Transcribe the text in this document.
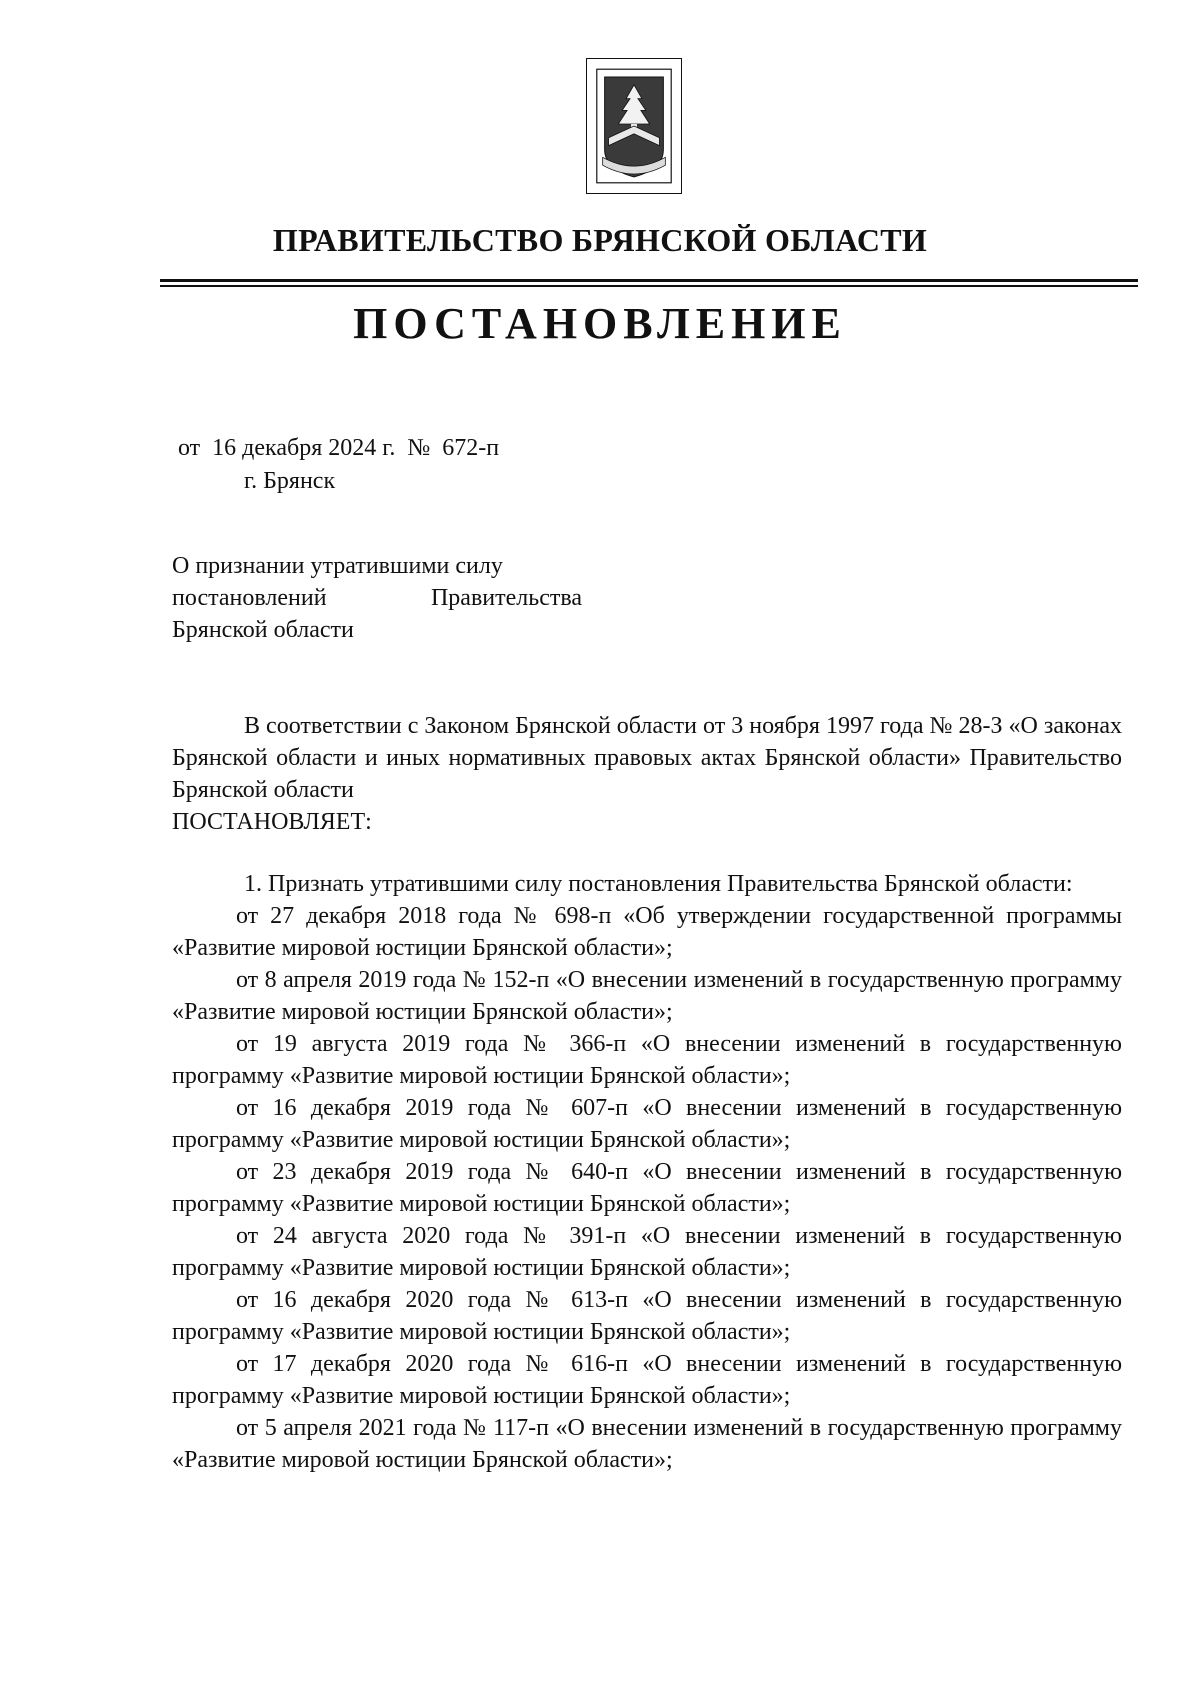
ПРАВИТЕЛЬСТВО БРЯНСКОЙ ОБЛАСТИ
ПОСТАНОВЛЕНИЕ
от  16 декабря 2024 г.  №  672-п
г. Брянск
О признании утратившими силу
постановлений	Правительства
Брянской области

В соответствии с Законом Брянской области от 3 ноября 1997 года № 28-З «О законах Брянской области и иных нормативных правовых актах Брянской области» Правительство Брянской области

ПОСТАНОВЛЯЕТ:

1. Признать утратившими силу постановления Правительства Брянской области:

от 27 декабря 2018 года № 698-п «Об утверждении государственной программы «Развитие мировой юстиции Брянской области»;

от 8 апреля 2019 года № 152-п «О внесении изменений в государственную программу «Развитие мировой юстиции Брянской области»;

от 19 августа 2019 года № 366-п «О внесении изменений в государственную программу «Развитие мировой юстиции Брянской области»;

от 16 декабря 2019 года № 607-п «О внесении изменений в государственную программу «Развитие мировой юстиции Брянской области»;

от 23 декабря 2019 года № 640-п «О внесении изменений в государственную программу «Развитие мировой юстиции Брянской области»;

от 24 августа 2020 года № 391-п «О внесении изменений в государственную программу «Развитие мировой юстиции Брянской области»;

от 16 декабря 2020 года № 613-п «О внесении изменений в государственную программу «Развитие мировой юстиции Брянской области»;

от 17 декабря 2020 года № 616-п «О внесении изменений в государственную программу «Развитие мировой юстиции Брянской области»;

от 5 апреля 2021 года № 117-п «О внесении изменений в государственную программу «Развитие мировой юстиции Брянской области»;
